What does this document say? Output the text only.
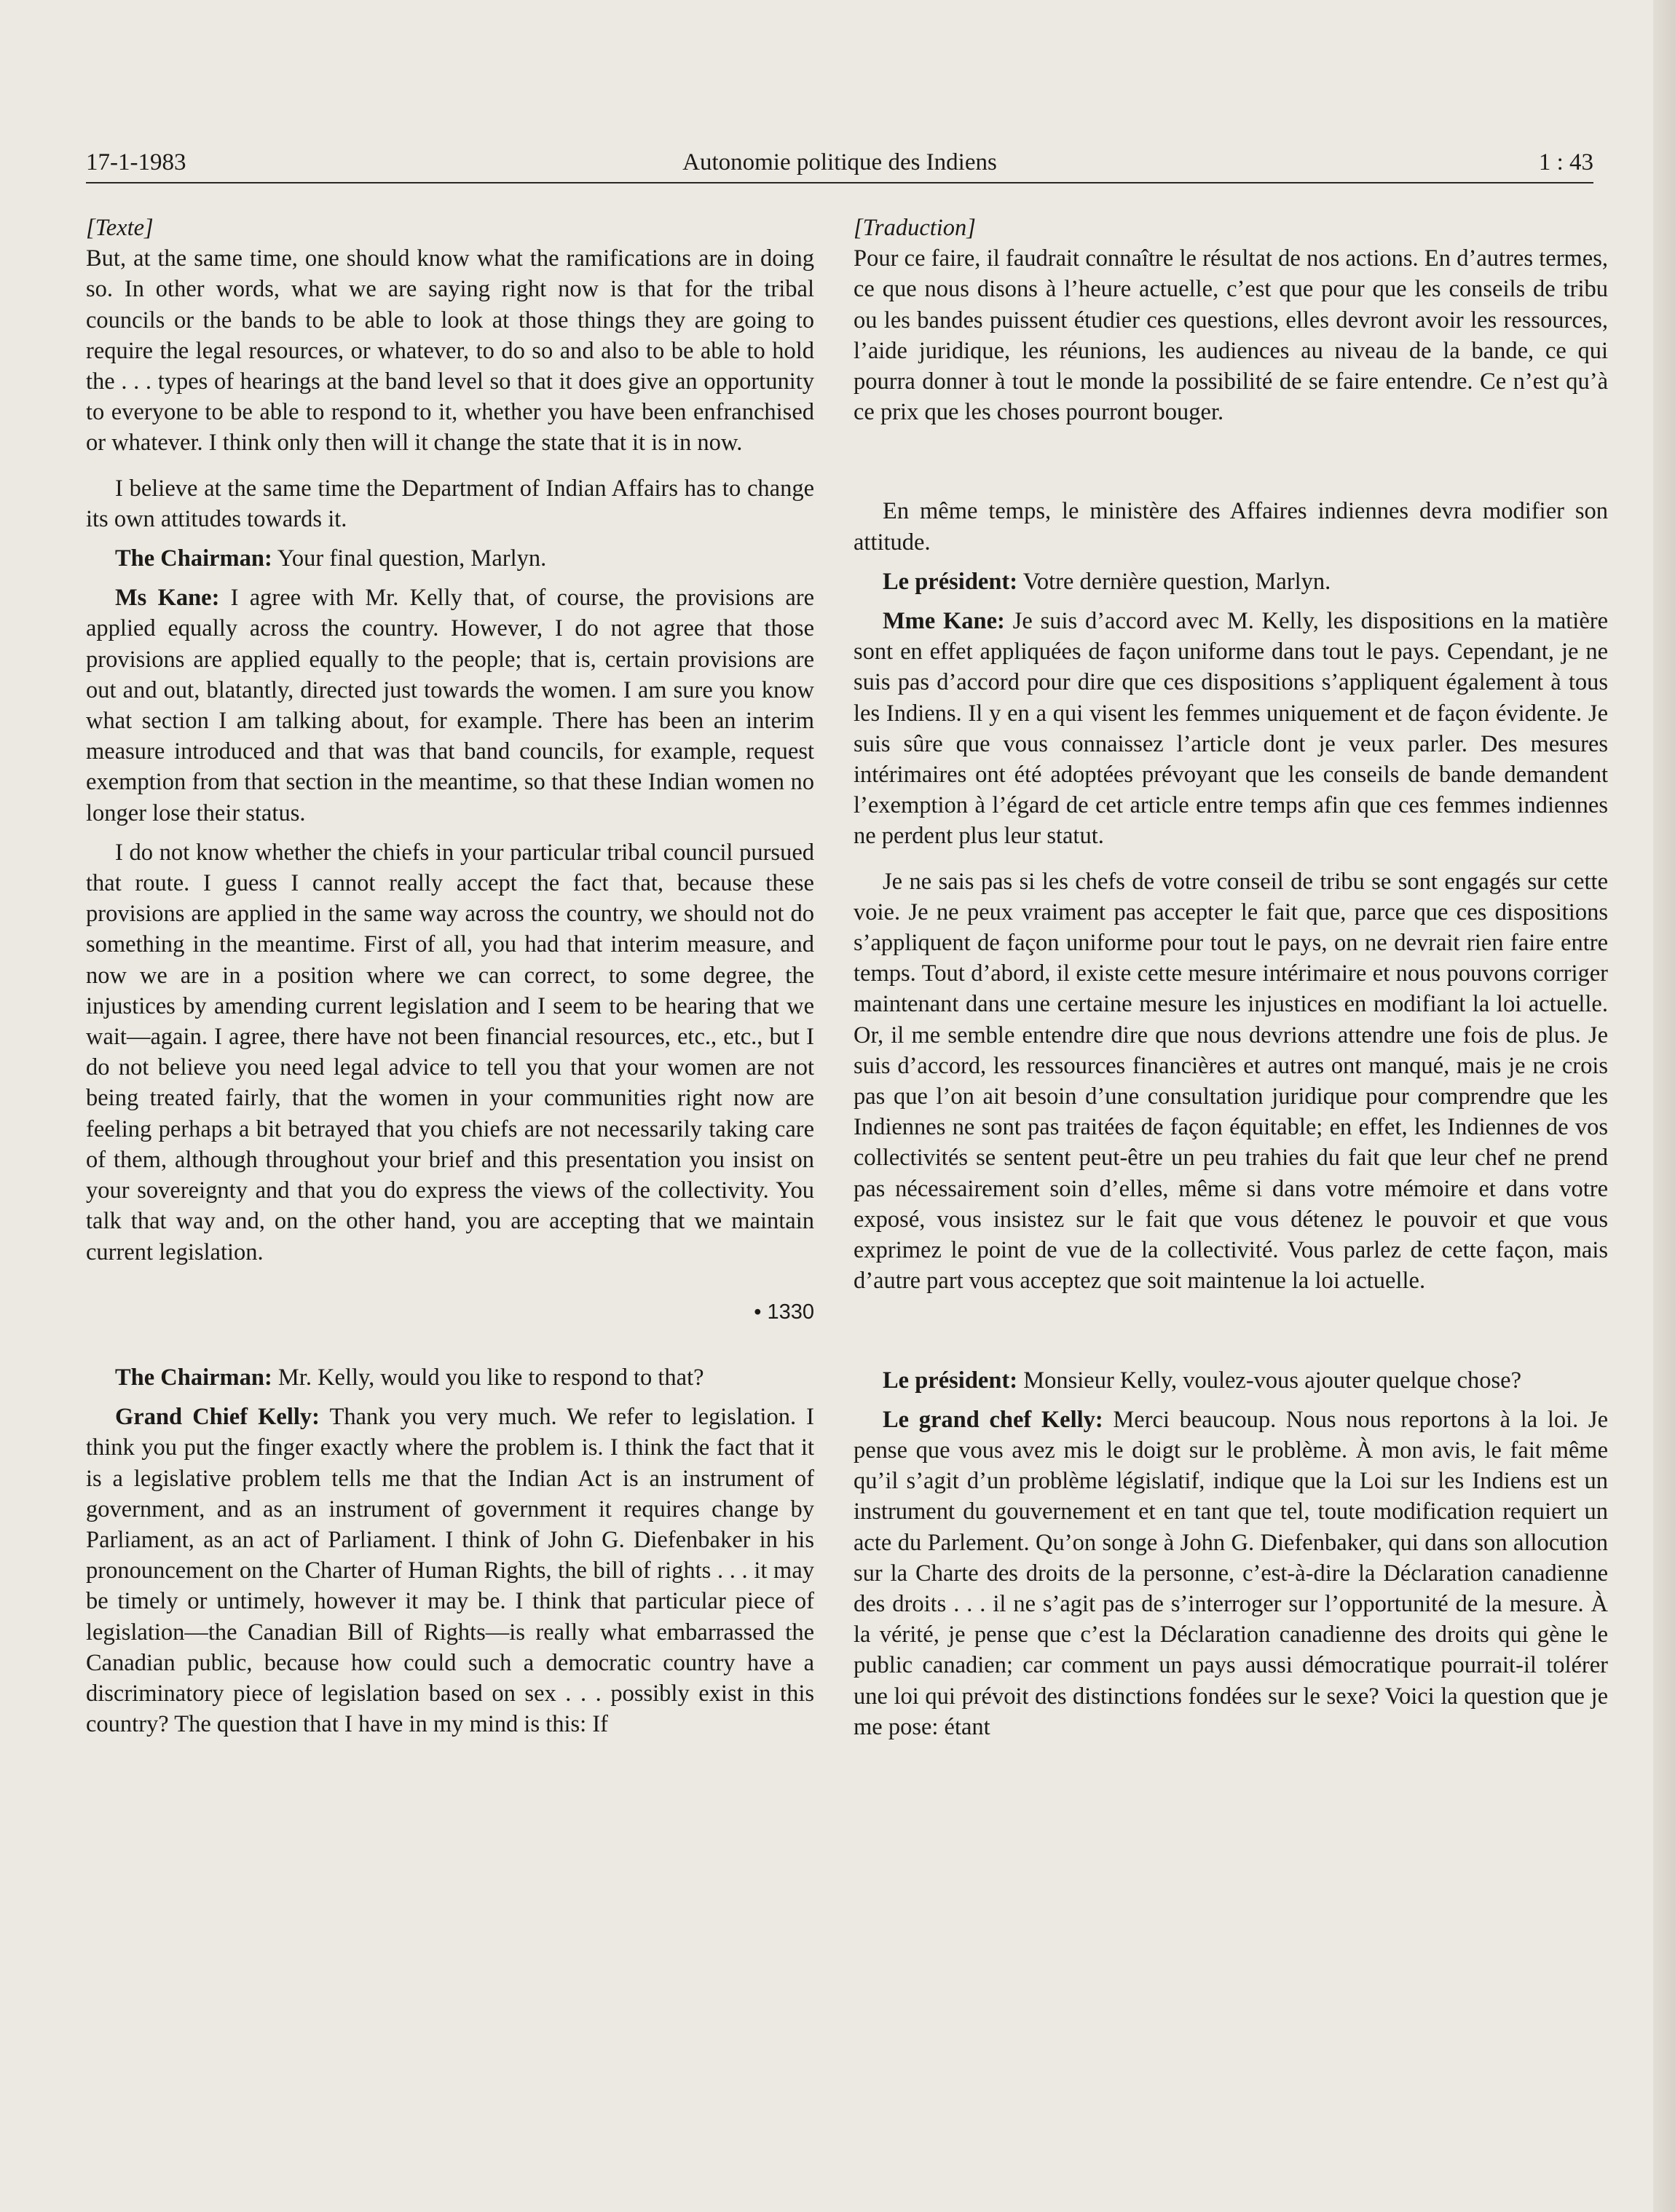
17-1-1983	Autonomie politique des Indiens	1 : 43

[Texte]

But, at the same time, one should know what the ramifications are in doing so. In other words, what we are saying right now is that for the tribal councils or the bands to be able to look at those things they are going to require the legal resources, or whatever, to do so and also to be able to hold the . . . types of hearings at the band level so that it does give an opportunity to everyone to be able to respond to it, whether you have been enfranchised or whatever. I think only then will it change the state that it is in now.

I believe at the same time the Department of Indian Affairs has to change its own attitudes towards it.

The Chairman: Your final question, Marlyn.

Ms Kane: I agree with Mr. Kelly that, of course, the provisions are applied equally across the country. However, I do not agree that those provisions are applied equally to the people; that is, certain provisions are out and out, blatantly, directed just towards the women. I am sure you know what section I am talking about, for example. There has been an interim measure introduced and that was that band councils, for example, request exemption from that section in the meantime, so that these Indian women no longer lose their status.

I do not know whether the chiefs in your particular tribal council pursued that route. I guess I cannot really accept the fact that, because these provisions are applied in the same way across the country, we should not do something in the meantime. First of all, you had that interim measure, and now we are in a position where we can correct, to some degree, the injustices by amending current legislation and I seem to be hearing that we wait—again. I agree, there have not been financial resources, etc., etc., but I do not believe you need legal advice to tell you that your women are not being treated fairly, that the women in your communities right now are feeling perhaps a bit betrayed that you chiefs are not necessarily taking care of them, although throughout your brief and this presentation you insist on your sovereignty and that you do express the views of the collectivity. You talk that way and, on the other hand, you are accepting that we maintain current legislation.

• 1330

The Chairman: Mr. Kelly, would you like to respond to that?

Grand Chief Kelly: Thank you very much. We refer to legislation. I think you put the finger exactly where the problem is. I think the fact that it is a legislative problem tells me that the Indian Act is an instrument of government, and as an instrument of government it requires change by Parliament, as an act of Parliament. I think of John G. Diefenbaker in his pronouncement on the Charter of Human Rights, the bill of rights . . . it may be timely or untimely, however it may be. I think that particular piece of legislation—the Canadian Bill of Rights—is really what embarrassed the Canadian public, because how could such a democratic country have a discriminatory piece of legislation based on sex . . . possibly exist in this country? The question that I have in my mind is this: If

[Traduction]

Pour ce faire, il faudrait connaître le résultat de nos actions. En d’autres termes, ce que nous disons à l’heure actuelle, c’est que pour que les conseils de tribu ou les bandes puissent étudier ces questions, elles devront avoir les ressources, l’aide juridique, les réunions, les audiences au niveau de la bande, ce qui pourra donner à tout le monde la possibilité de se faire entendre. Ce n’est qu’à ce prix que les choses pourront bouger.

En même temps, le ministère des Affaires indiennes devra modifier son attitude.

Le président: Votre dernière question, Marlyn.

Mme Kane: Je suis d’accord avec M. Kelly, les dispositions en la matière sont en effet appliquées de façon uniforme dans tout le pays. Cependant, je ne suis pas d’accord pour dire que ces dispositions s’appliquent également à tous les Indiens. Il y en a qui visent les femmes uniquement et de façon évidente. Je suis sûre que vous connaissez l’article dont je veux parler. Des mesures intérimaires ont été adoptées prévoyant que les conseils de bande demandent l’exemption à l’égard de cet article entre temps afin que ces femmes indiennes ne perdent plus leur statut.

Je ne sais pas si les chefs de votre conseil de tribu se sont engagés sur cette voie. Je ne peux vraiment pas accepter le fait que, parce que ces dispositions s’appliquent de façon uniforme pour tout le pays, on ne devrait rien faire entre temps. Tout d’abord, il existe cette mesure intérimaire et nous pouvons corriger maintenant dans une certaine mesure les injustices en modifiant la loi actuelle. Or, il me semble entendre dire que nous devrions attendre une fois de plus. Je suis d’accord, les ressources financières et autres ont manqué, mais je ne crois pas que l’on ait besoin d’une consultation juridique pour comprendre que les Indiennes ne sont pas traitées de façon équitable; en effet, les Indiennes de vos collectivités se sentent peut-être un peu trahies du fait que leur chef ne prend pas nécessairement soin d’elles, même si dans votre mémoire et dans votre exposé, vous insistez sur le fait que vous détenez le pouvoir et que vous exprimez le point de vue de la collectivité. Vous parlez de cette façon, mais d’autre part vous acceptez que soit maintenue la loi actuelle.

Le président: Monsieur Kelly, voulez-vous ajouter quelque chose?

Le grand chef Kelly: Merci beaucoup. Nous nous reportons à la loi. Je pense que vous avez mis le doigt sur le problème. À mon avis, le fait même qu’il s’agit d’un problème législatif, indique que la Loi sur les Indiens est un instrument du gouvernement et en tant que tel, toute modification requiert un acte du Parlement. Qu’on songe à John G. Diefenbaker, qui dans son allocution sur la Charte des droits de la personne, c’est-à-dire la Déclaration canadienne des droits . . . il ne s’agit pas de s’interroger sur l’opportunité de la mesure. À la vérité, je pense que c’est la Déclaration canadienne des droits qui gène le public canadien; car comment un pays aussi démocratique pourrait-il tolérer une loi qui prévoit des distinctions fondées sur le sexe? Voici la question que je me pose: étant
